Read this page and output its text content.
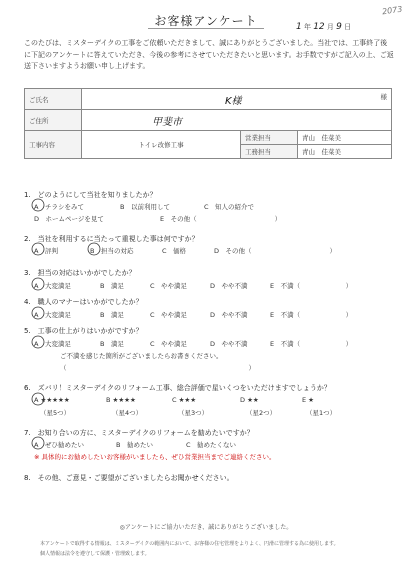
2073
お客様アンケート	1 年 12 月 9 日
このたびは、ミスターデイクの工事をご依頼いただきまして、誠にありがとうございました。当社では、工事終了後に下記のアンケートに答えていただき、今後の参考にさせていただきたいと思います。お手数ですがご記入の上、ご返送下さいますようお願い申し上げます。
ご氏名	K様 様		

ご住所	甲斐市		
工事内容	トイレ改修工事	営業担当	青山　佳菜美
		工務担当	青山　佳菜美
1.　どのようにして当社を知りましたか？
A　チラシをみて	B　以前利用して	C　知人の紹介で
D　ホームページを見て	E　その他（　　　　　　　　　　　　）
2.　当社を利用するに当たって重視した事は何ですか？
A　評判	B　担当の対応	C　価格	D　その他（　　　　　　　　　　　　）
3.　担当の対応はいかがでしたか？
A　大変満足	B　満足	C　やや満足	D　やや不満	E　不満（　　　　　　　）
4.　職人のマナーはいかがでしたか？
A　大変満足	B　満足	C　やや満足	D　やや不満	E　不満（　　　　　　　）
5.　工事の仕上がりはいかがですか？
A　大変満足	B　満足	C　やや満足	D　やや不満	E　不満（　　　　　　　）
ご不満を感じた箇所がございましたらお書きください。
（　　　　　　　　　　　　　　　　　　　　　　　　　　　　）
6.　ズバリ！ミスターデイクのリフォーム工事、総合評価で星いくつをいただけますでしょうか？
A ★★★★★	B ★★★★	C ★★★	D ★★	E ★
（星5つ）	（星4つ）	（星3つ）	（星2つ）	（星1つ）
7.　お知り合いの方に、ミスターデイクのリフォームを勧めたいですか？
A　ぜひ勧めたい	B　勧めたい	C　勧めたくない
※ 具体的にお勧めしたいお客様がいましたら、ぜひ営業担当までご連絡ください。
8.　その他、ご意見・ご要望がございましたらお聞かせください。
◎アンケートにご協力いただき、誠にありがとうございました。
本アンケートで取得する情報は、ミスターデイクの範囲内において、お客様の住宅管理をよりよく、円滑に管理する為に使用します。
個人情報は法令を遵守して保護・管理致します。
